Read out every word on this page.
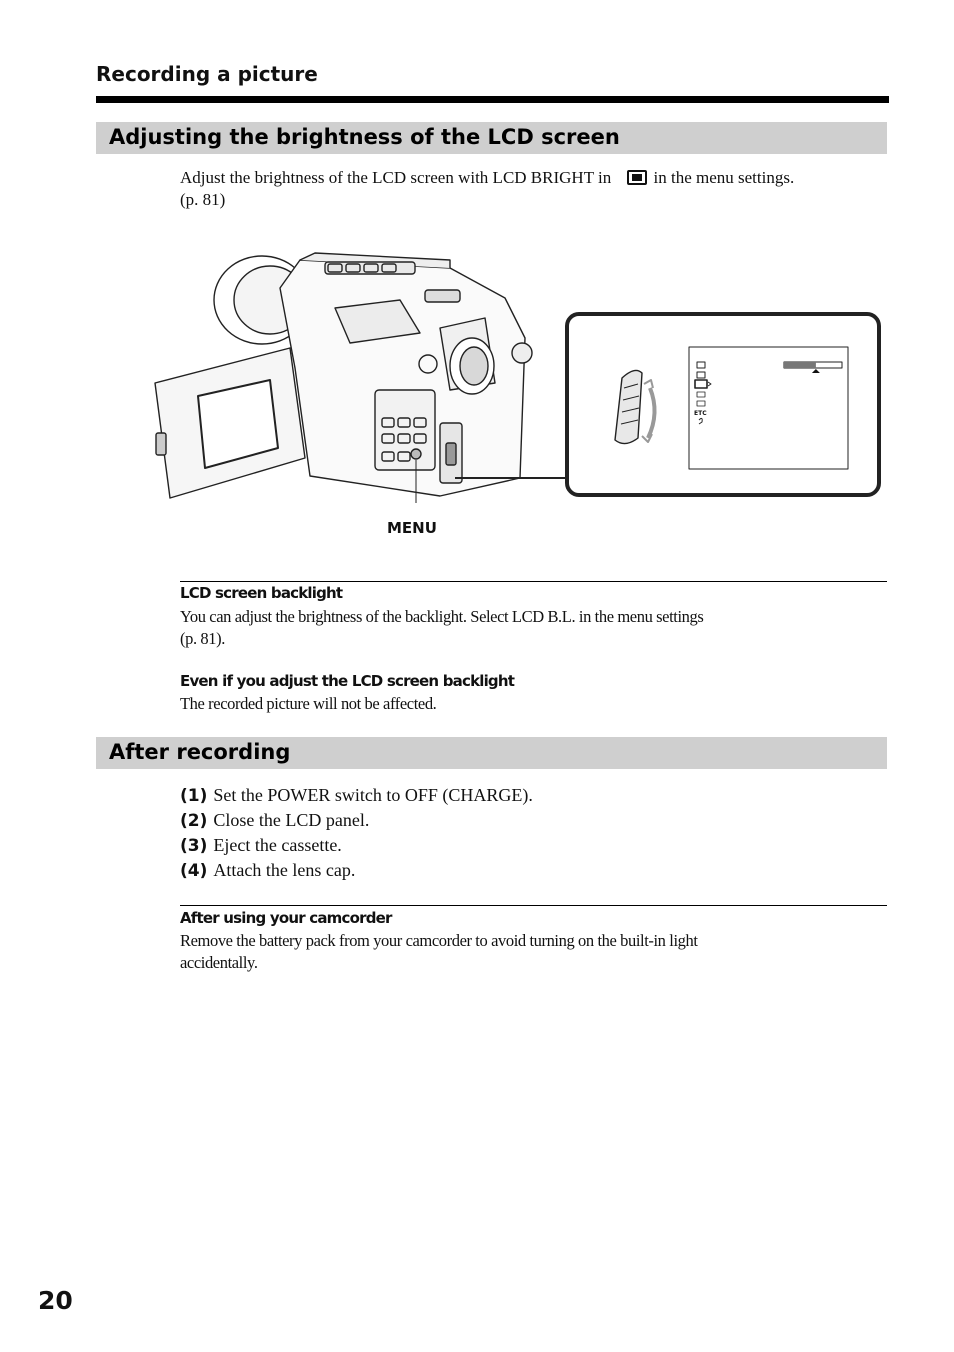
Recording a picture
Adjusting the brightness of the LCD screen
Adjust the brightness of the LCD screen with LCD BRIGHT in in the menu settings.
(p. 81)
ETC
MENU
LCD screen backlight
You can adjust the brightness of the backlight. Select LCD B.L. in the menu settings
(p. 81).
Even if you adjust the LCD screen backlight
The recorded picture will not be affected.
After recording
(1) Set the POWER switch to OFF (CHARGE).
(2) Close the LCD panel.
(3) Eject the cassette.
(4) Attach the lens cap.
After using your camcorder
Remove the battery pack from your camcorder to avoid turning on the built-in light
accidentally.
20
